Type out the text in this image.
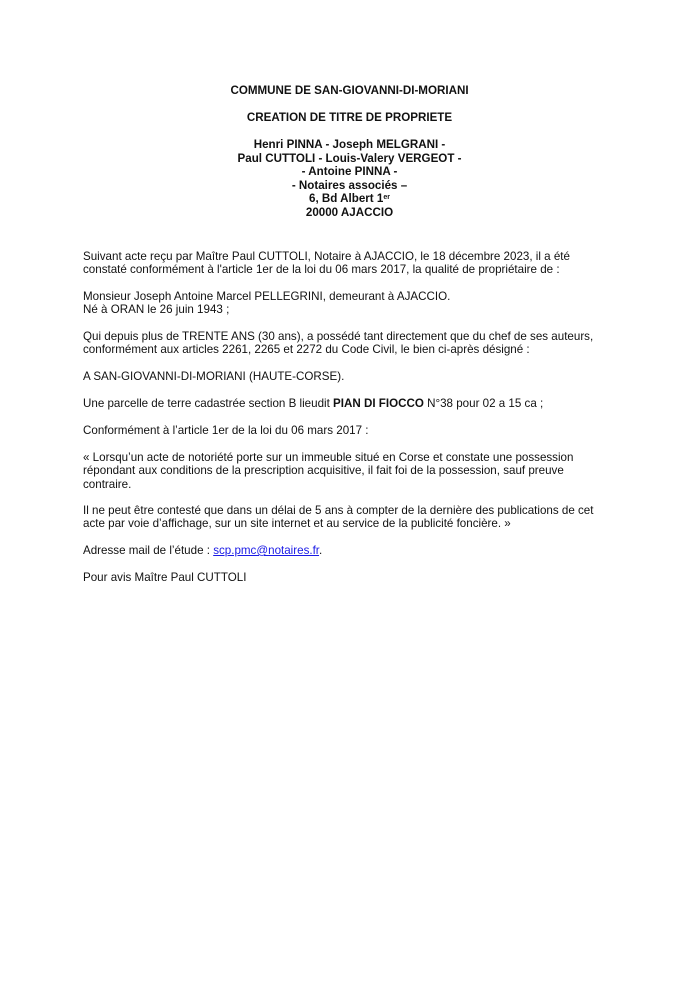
COMMUNE DE SAN-GIOVANNI-DI-MORIANI
CREATION DE TITRE DE PROPRIETE
Henri PINNA - Joseph MELGRANI -
Paul CUTTOLI - Louis-Valery VERGEOT -
- Antoine PINNA -
- Notaires associés –
6, Bd Albert 1er
20000 AJACCIO
Suivant acte reçu par Maître Paul CUTTOLI, Notaire à AJACCIO, le 18 décembre 2023, il a été
constaté conformément à l'article 1er de la loi du 06 mars 2017, la qualité de propriétaire de :
Monsieur Joseph Antoine Marcel PELLEGRINI, demeurant à AJACCIO.
Né à ORAN le 26 juin 1943 ;
Qui depuis plus de TRENTE ANS (30 ans), a possédé tant directement que du chef de ses auteurs,
conformément aux articles 2261, 2265 et 2272 du Code Civil, le bien ci-après désigné :
A SAN-GIOVANNI-DI-MORIANI (HAUTE-CORSE).
Une parcelle de terre cadastrée section B lieudit PIAN DI FIOCCO N°38 pour 02 a 15 ca ;
Conformément à l’article 1er de la loi du 06 mars 2017 :
« Lorsqu’un acte de notoriété porte sur un immeuble situé en Corse et constate une possession
répondant aux conditions de la prescription acquisitive, il fait foi de la possession, sauf preuve
contraire.
Il ne peut être contesté que dans un délai de 5 ans à compter de la dernière des publications de cet
acte par voie d’affichage, sur un site internet et au service de la publicité foncière. »
Adresse mail de l’étude : scp.pmc@notaires.fr.
Pour avis Maître Paul CUTTOLI
